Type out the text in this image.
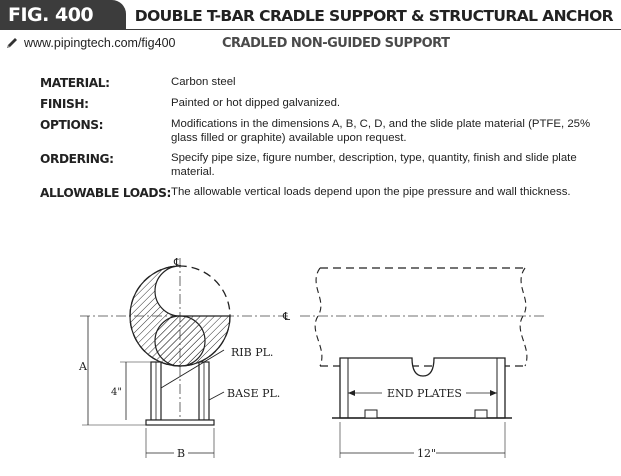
FIG. 400
www.pipingtech.com/fig400
DOUBLE T-BAR CRADLE SUPPORT & STRUCTURAL ANCHOR
CRADLED NON-GUIDED SUPPORT
MATERIAL:	Carbon steel
FINISH:	Painted or hot dipped galvanized.
OPTIONS:	Modifications in the dimensions A, B, C, D, and the slide plate material (PTFE, 25% glass filled or graphite) available upon request.
ORDERING:	Specify pipe size, figure number, description, type, quantity, finish and slide plate material.
ALLOWABLE LOADS: The allowable vertical loads depend upon the pipe pressure and wall thickness.
℄
RIB PL.
BASE PL.
A
4"
B
℄
END PLATES
12"
